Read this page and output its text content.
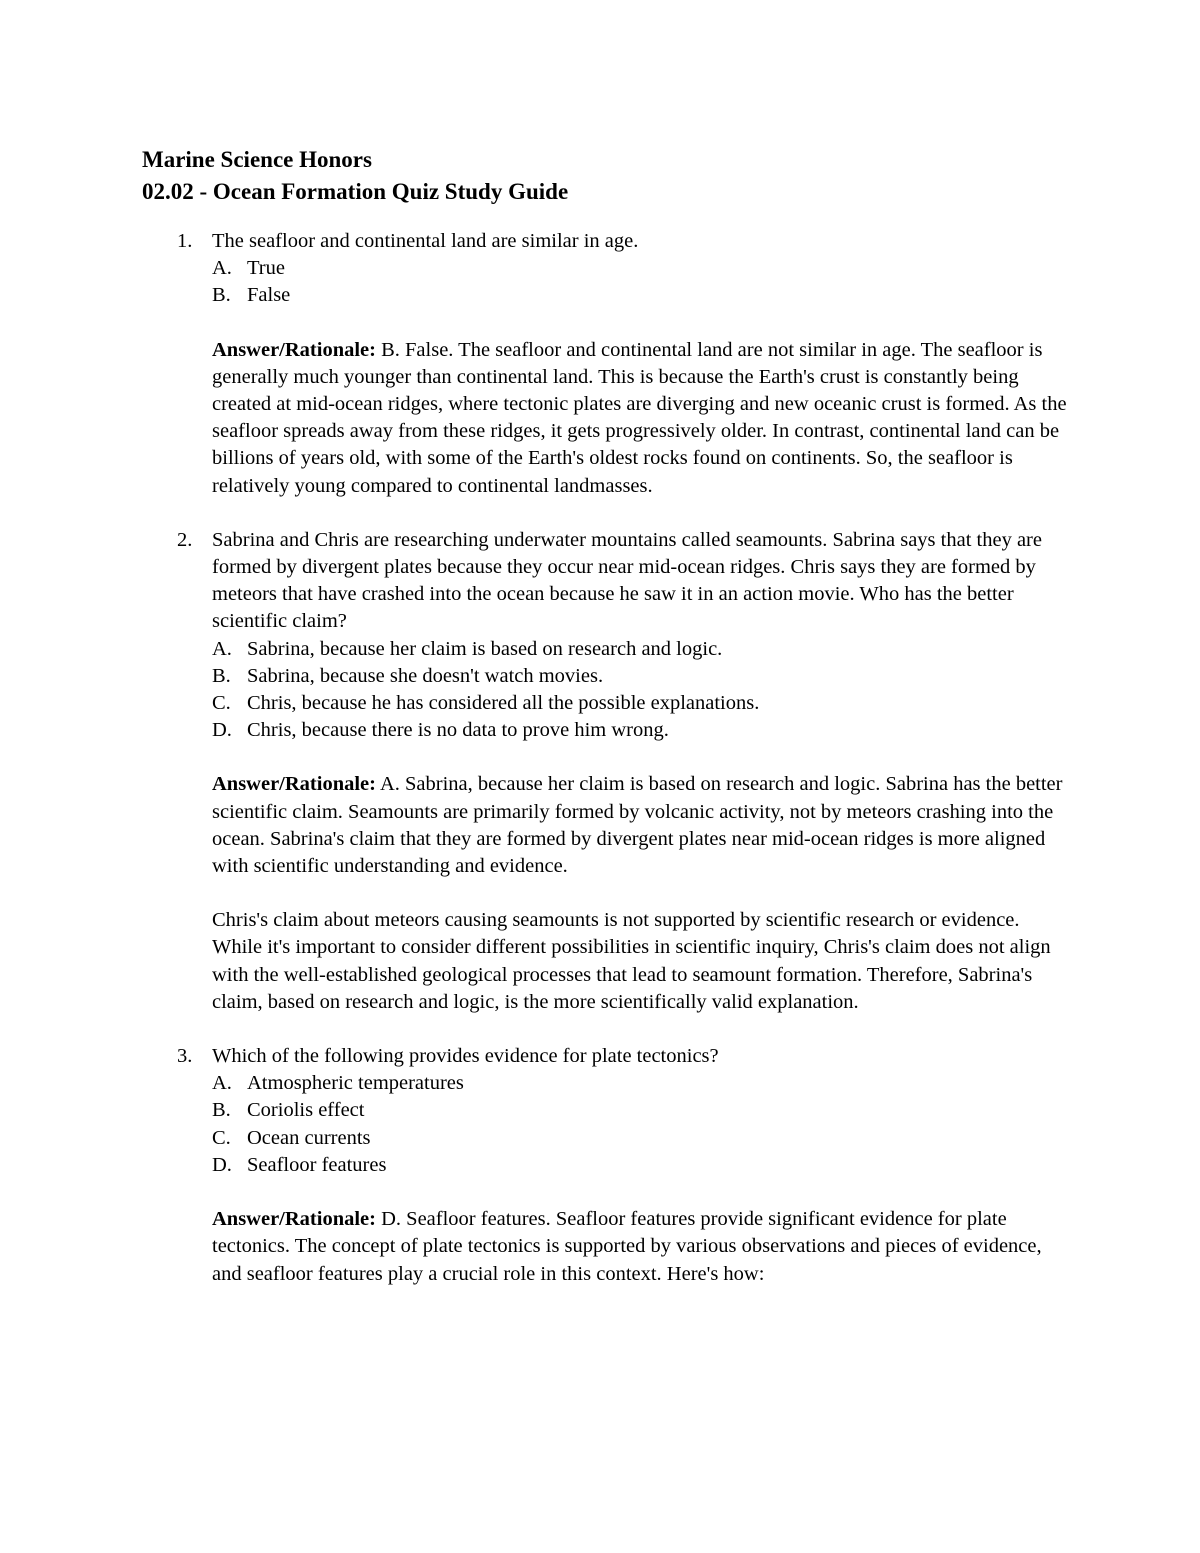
Marine Science Honors
02.02 - Ocean Formation Quiz Study Guide
1. The seafloor and continental land are similar in age.
A. True
B. False
Answer/Rationale: B. False. The seafloor and continental land are not similar in age. The seafloor is generally much younger than continental land. This is because the Earth's crust is constantly being created at mid-ocean ridges, where tectonic plates are diverging and new oceanic crust is formed. As the seafloor spreads away from these ridges, it gets progressively older. In contrast, continental land can be billions of years old, with some of the Earth's oldest rocks found on continents. So, the seafloor is relatively young compared to continental landmasses.
2. Sabrina and Chris are researching underwater mountains called seamounts. Sabrina says that they are formed by divergent plates because they occur near mid-ocean ridges. Chris says they are formed by meteors that have crashed into the ocean because he saw it in an action movie. Who has the better scientific claim?
A. Sabrina, because her claim is based on research and logic.
B. Sabrina, because she doesn't watch movies.
C. Chris, because he has considered all the possible explanations.
D. Chris, because there is no data to prove him wrong.
Answer/Rationale: A. Sabrina, because her claim is based on research and logic. Sabrina has the better scientific claim. Seamounts are primarily formed by volcanic activity, not by meteors crashing into the ocean. Sabrina's claim that they are formed by divergent plates near mid-ocean ridges is more aligned with scientific understanding and evidence.
Chris's claim about meteors causing seamounts is not supported by scientific research or evidence. While it's important to consider different possibilities in scientific inquiry, Chris's claim does not align with the well-established geological processes that lead to seamount formation. Therefore, Sabrina's claim, based on research and logic, is the more scientifically valid explanation.
3. Which of the following provides evidence for plate tectonics?
A. Atmospheric temperatures
B. Coriolis effect
C. Ocean currents
D. Seafloor features
Answer/Rationale: D. Seafloor features. Seafloor features provide significant evidence for plate tectonics. The concept of plate tectonics is supported by various observations and pieces of evidence, and seafloor features play a crucial role in this context. Here's how:
